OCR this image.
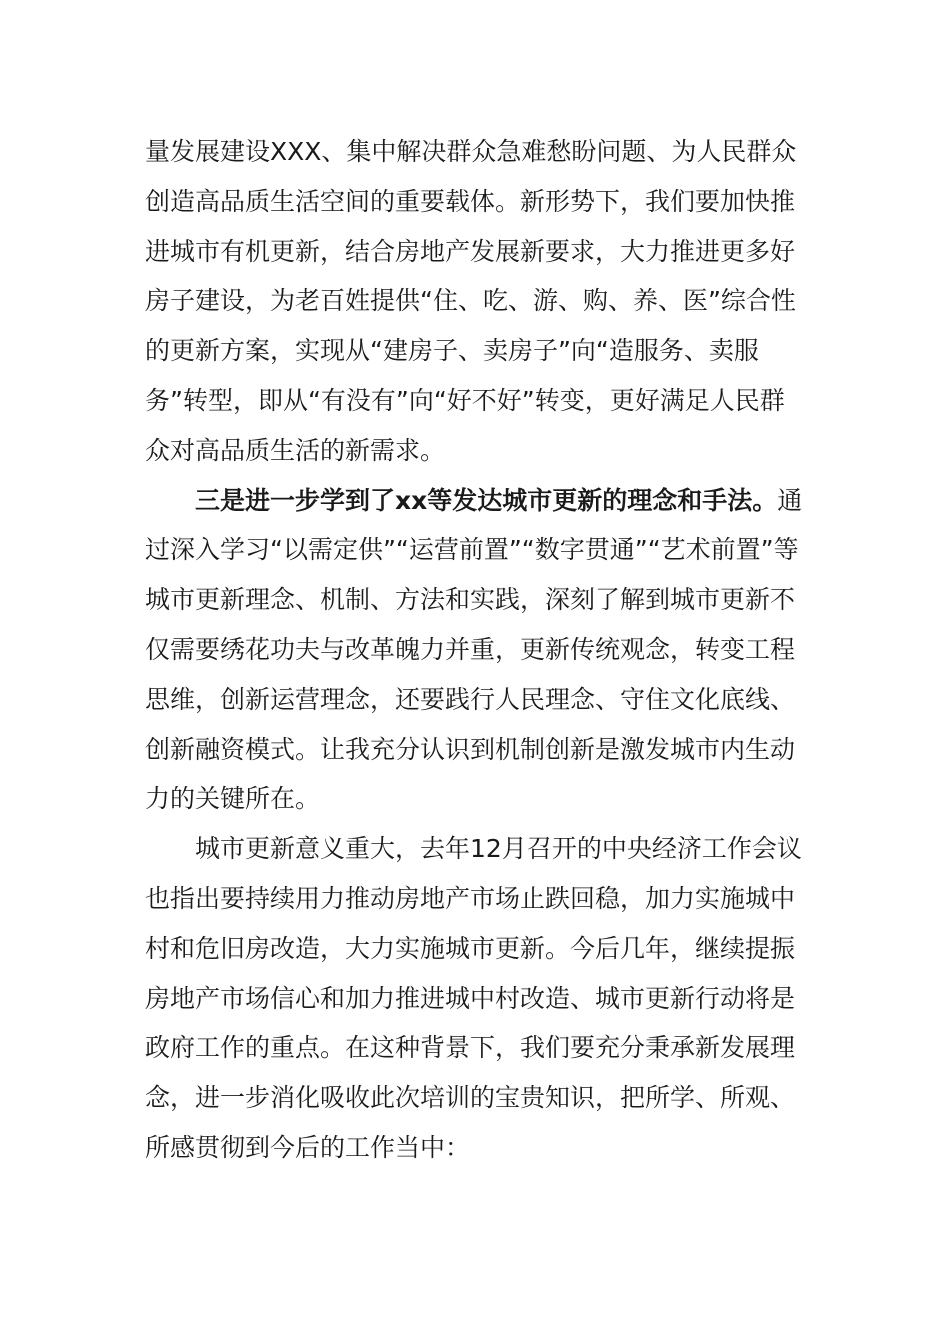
量发展建设XXX、集中解决群众急难愁盼问题、为人民群众创造高品质生活空间的重要载体。新形势下，我们要加快推进城市有机更新，结合房地产发展新要求，大力推进更多好房子建设，为老百姓提供“住、吃、游、购、养、医”综合性的更新方案，实现从“建房子、卖房子”向“造服务、卖服务”转型，即从“有没有”向“好不好”转变，更好满足人民群众对高品质生活的新需求。

三是进一步学到了xx等发达城市更新的理念和手法。通过深入学习“以需定供”“运营前置”“数字贯通”“艺术前置”等城市更新理念、机制、方法和实践，深刻了解到城市更新不仅需要绣花功夫与改革魄力并重，更新传统观念，转变工程思维，创新运营理念，还要践行人民理念、守住文化底线、创新融资模式。让我充分认识到机制创新是激发城市内生动力的关键所在。

城市更新意义重大，去年12月召开的中央经济工作会议也指出要持续用力推动房地产市场止跌回稳，加力实施城中村和危旧房改造，大力实施城市更新。今后几年，继续提振房地产市场信心和加力推进城中村改造、城市更新行动将是政府工作的重点。在这种背景下，我们要充分秉承新发展理念，进一步消化吸收此次培训的宝贵知识，把所学、所观、所感贯彻到今后的工作当中：
